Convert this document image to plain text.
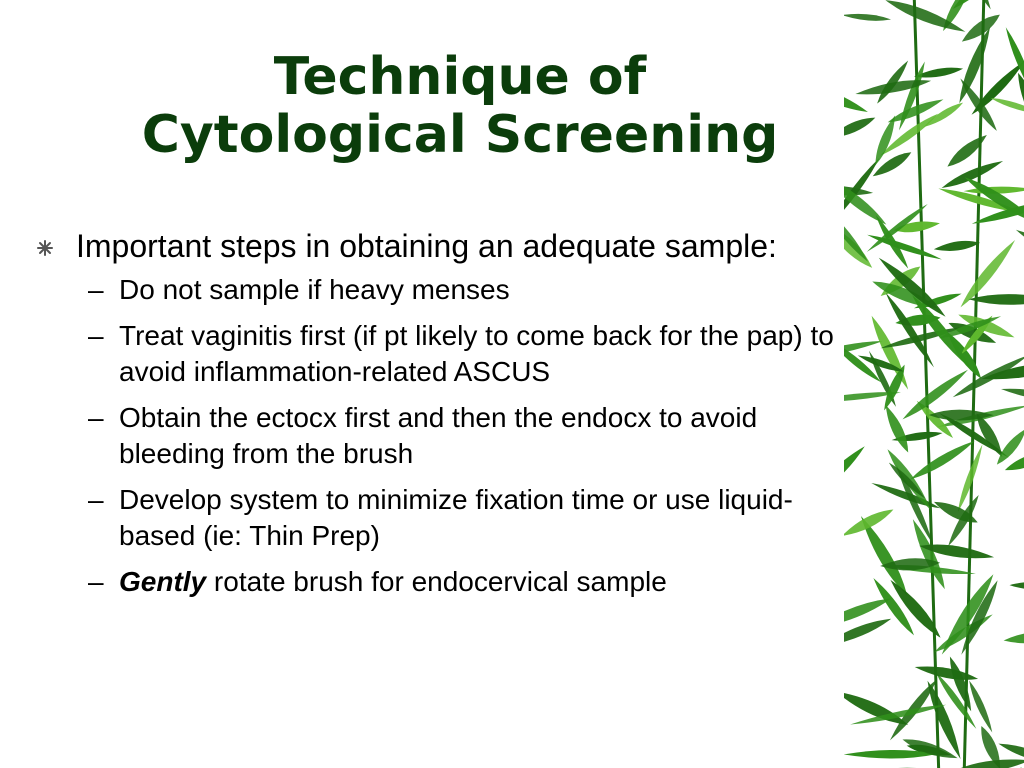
Technique of
Cytological Screening
Important steps in obtaining an adequate sample:
– Do not sample if heavy menses
– Treat vaginitis first (if pt likely to come back for the pap) to avoid inflammation-related ASCUS
– Obtain the ectocx first and then the endocx to avoid bleeding from the brush
– Develop system to minimize fixation time or use liquid-based (ie: Thin Prep)
– Gently rotate brush for endocervical sample
